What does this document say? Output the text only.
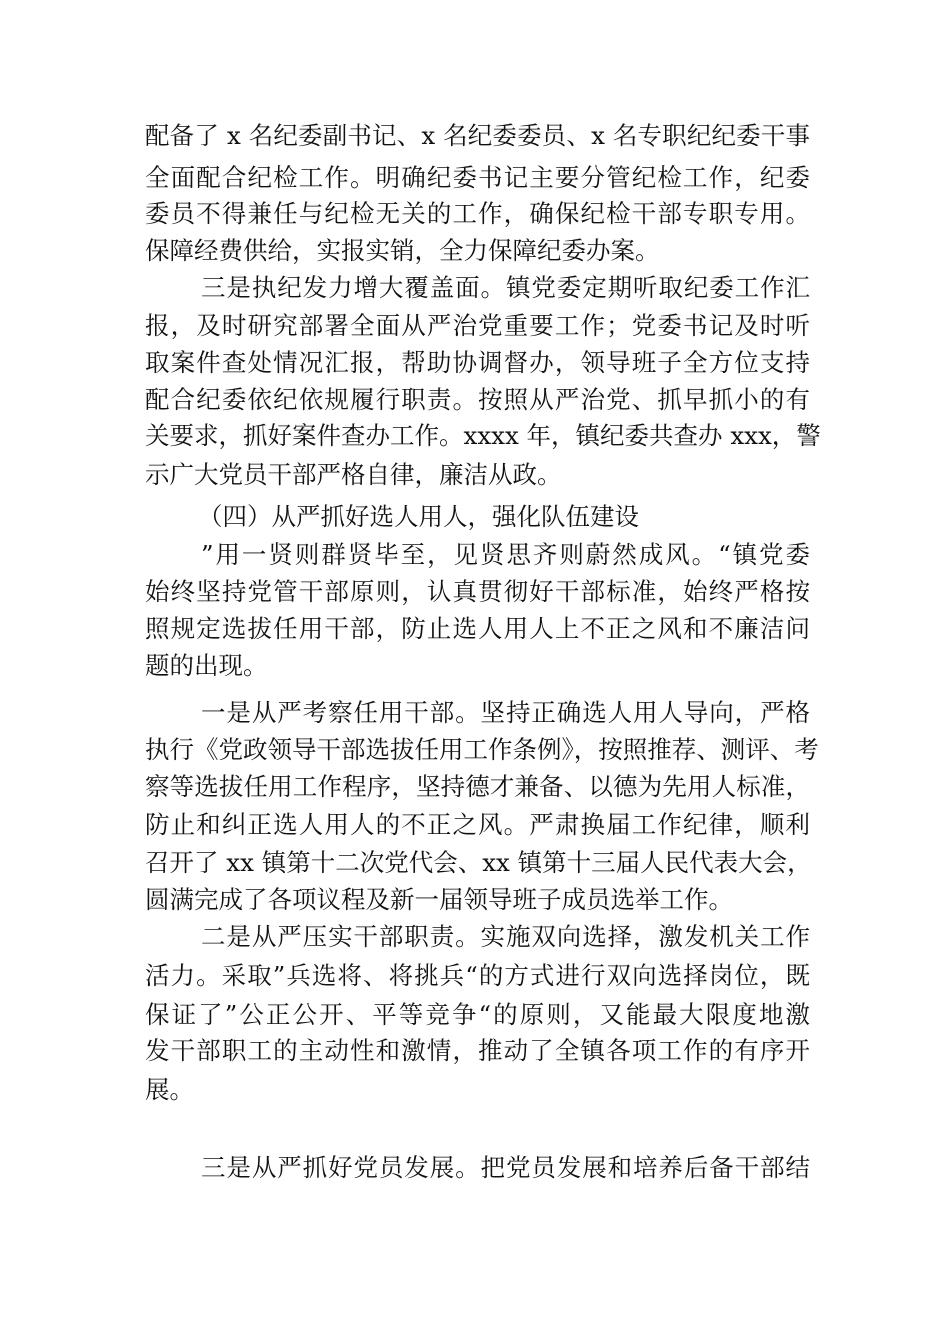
配备了 x 名纪委副书记、x 名纪委委员、x 名专职纪纪委干事
全面配合纪检工作。明确纪委书记主要分管纪检工作，纪委
委员不得兼任与纪检无关的工作，确保纪检干部专职专用。
保障经费供给，实报实销，全力保障纪委办案。
三是执纪发力增大覆盖面。镇党委定期听取纪委工作汇
报，及时研究部署全面从严治党重要工作；党委书记及时听
取案件查处情况汇报，帮助协调督办，领导班子全方位支持
配合纪委依纪依规履行职责。按照从严治党、抓早抓小的有
关要求，抓好案件查办工作。xxxx 年，镇纪委共查办 xxx，警
示广大党员干部严格自律，廉洁从政。
（四）从严抓好选人用人，强化队伍建设
”用一贤则群贤毕至，见贤思齐则蔚然成风。“镇党委
始终坚持党管干部原则，认真贯彻好干部标准，始终严格按
照规定选拔任用干部，防止选人用人上不正之风和不廉洁问
题的出现。
一是从严考察任用干部。坚持正确选人用人导向，严格
执行《党政领导干部选拔任用工作条例》，按照推荐、测评、考
察等选拔任用工作程序，坚持德才兼备、以德为先用人标准，
防止和纠正选人用人的不正之风。严肃换届工作纪律，顺利
召开了 xx 镇第十二次党代会、xx 镇第十三届人民代表大会，
圆满完成了各项议程及新一届领导班子成员选举工作。
二是从严压实干部职责。实施双向选择，激发机关工作
活力。采取”兵选将、将挑兵“的方式进行双向选择岗位，既
保证了”公正公开、平等竞争“的原则，又能最大限度地激
发干部职工的主动性和激情，推动了全镇各项工作的有序开
展。
三是从严抓好党员发展。把党员发展和培养后备干部结
